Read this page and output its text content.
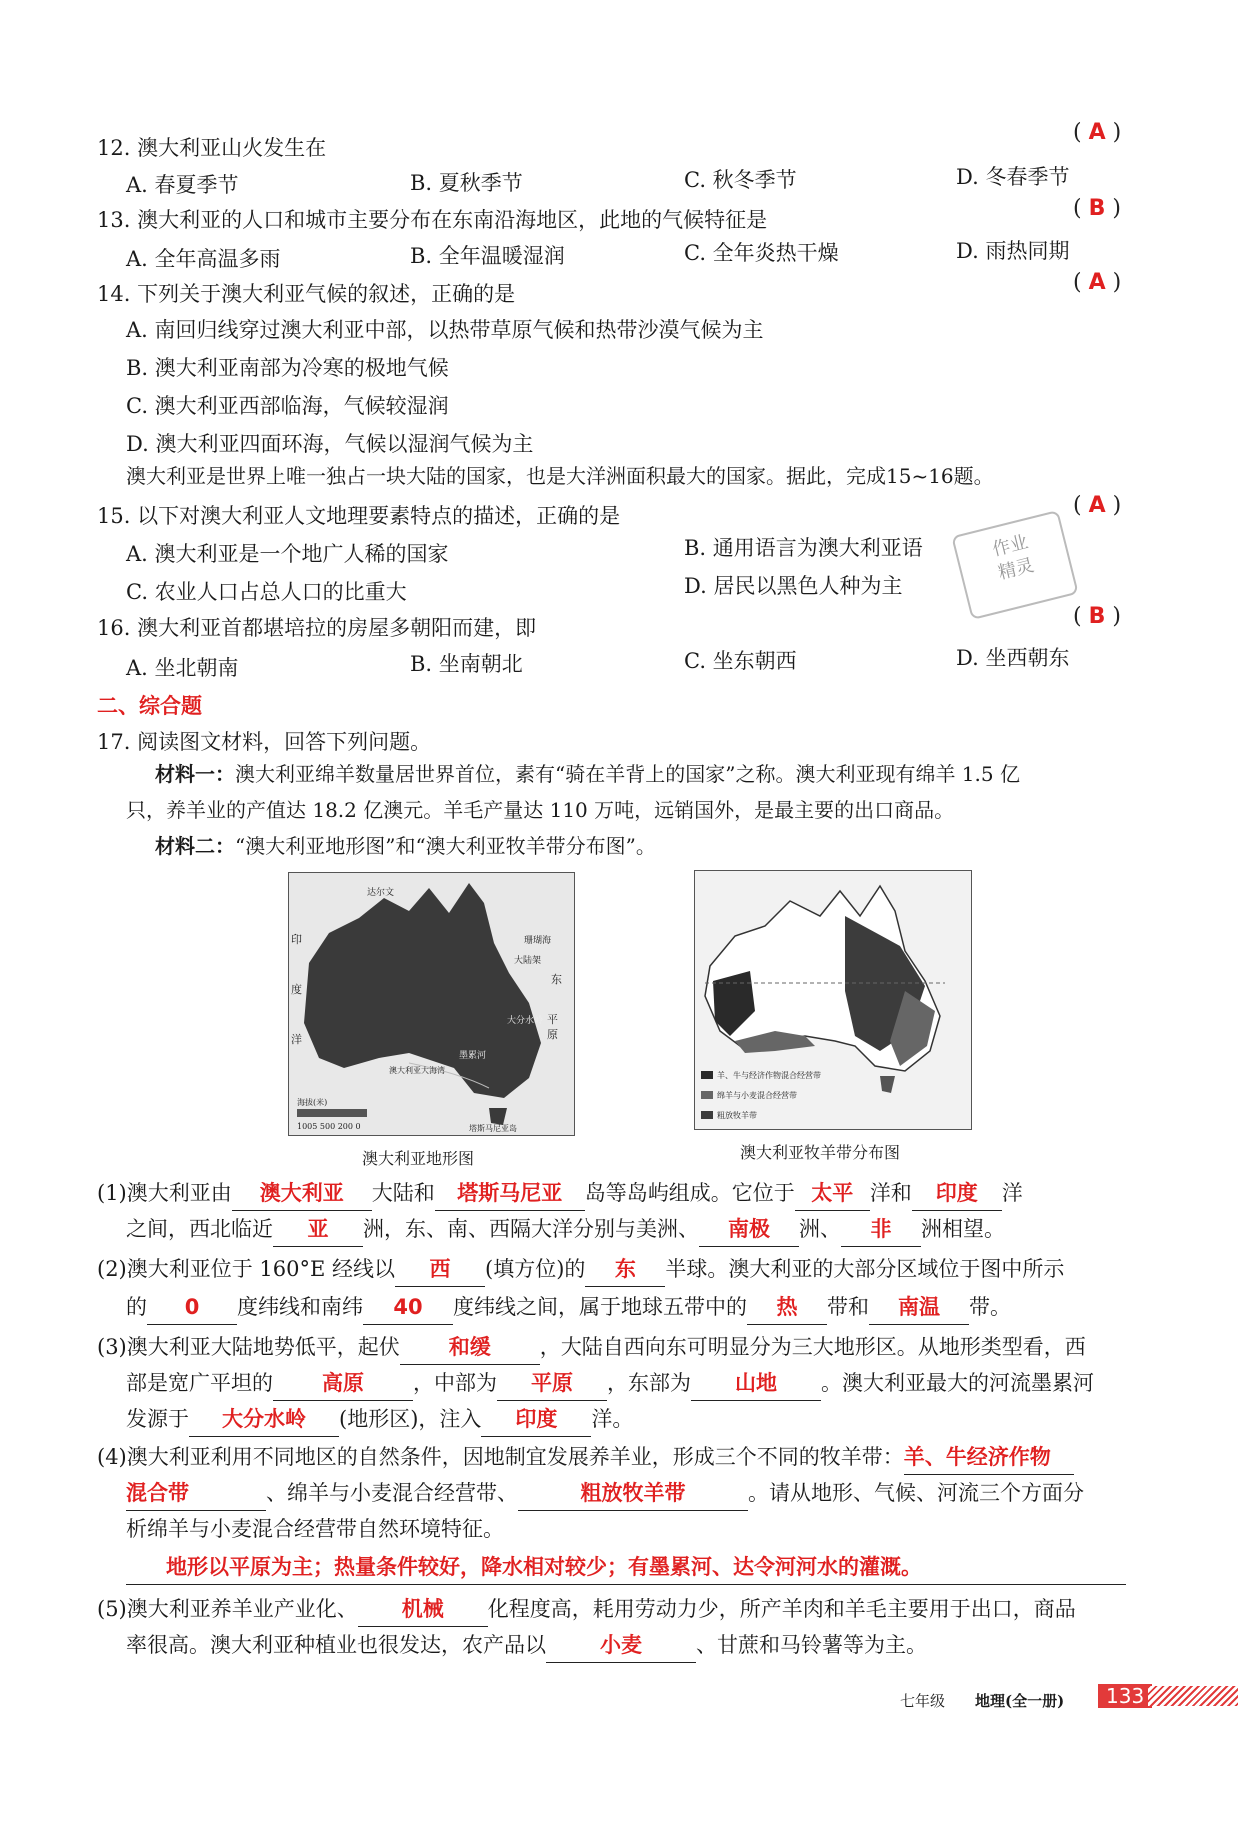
12. 澳大利亚山火发生在
( A )
A. 春夏季节	B. 夏秋季节	C. 秋冬季节	D. 冬春季节
13. 澳大利亚的人口和城市主要分布在东南沿海地区，此地的气候特征是	( B )
A. 全年高温多雨	B. 全年温暖湿润	C. 全年炎热干燥	D. 雨热同期
14. 下列关于澳大利亚气候的叙述，正确的是	( A )
A. 南回归线穿过澳大利亚中部，以热带草原气候和热带沙漠气候为主
B. 澳大利亚南部为冷寒的极地气候
C. 澳大利亚西部临海，气候较湿润
D. 澳大利亚四面环海，气候以湿润气候为主
澳大利亚是世界上唯一独占一块大陆的国家，也是大洋洲面积最大的国家。据此，完成15~16题。
15. 以下对澳大利亚人文地理要素特点的描述，正确的是	( A )
A. 澳大利亚是一个地广人稀的国家	B. 通用语言为澳大利亚语
C. 农业人口占总人口的比重大	D. 居民以黑色人种为主
作业
精灵
16. 澳大利亚首都堪培拉的房屋多朝阳而建，即	( B )
A. 坐北朝南	B. 坐南朝北	C. 坐东朝西	D. 坐西朝东
二、综合题
17. 阅读图文材料，回答下列问题。
材料一：澳大利亚绵羊数量居世界首位，素有“骑在羊背上的国家”之称。澳大利亚现有绵羊 1.5 亿
只，养羊业的产值达 18.2 亿澳元。羊毛产量达 110 万吨，远销国外，是最主要的出口商品。
材料二：“澳大利亚地形图”和“澳大利亚牧羊带分布图”。
印
度
洋
达尔文
大陆架
东
大分水岭
珊瑚海
平
原
墨累河
澳大利亚大海湾
塔斯马尼亚岛
海拔(米)
1005 500 200 0
澳大利亚地形图
羊、牛与经济作物混合经营带
绵羊与小麦混合经营带
粗放牧羊带
澳大利亚牧羊带分布图
(1)澳大利亚由 澳大利亚 大陆和 塔斯马尼亚 岛等岛屿组成。它位于 太平 洋和 印度 洋
之间，西北临近 亚 洲，东、南、西隔大洋分别与美洲、 南极 洲、 非 洲相望。
(2)澳大利亚位于 160°E 经线以 西 (填方位)的 东 半球。澳大利亚的大部分区域位于图中所示
的 0 度纬线和南纬 40 度纬线之间，属于地球五带中的 热 带和 南温 带。
(3)澳大利亚大陆地势低平，起伏 和缓 ，大陆自西向东可明显分为三大地形区。从地形类型看，西
部是宽广平坦的 高原 ，中部为 平原 ，东部为 山地 。澳大利亚最大的河流墨累河
发源于 大分水岭 (地形区)，注入 印度 洋。
(4)澳大利亚利用不同地区的自然条件，因地制宜发展养羊业，形成三个不同的牧羊带：羊、牛经济作物
混合带	、绵羊与小麦混合经营带、	粗放牧羊带	。请从地形、气候、河流三个方面分
析绵羊与小麦混合经营带自然环境特征。
地形以平原为主；热量条件较好，降水相对较少；有墨累河、达令河河水的灌溉。
(5)澳大利亚养羊业产业化、 机械 化程度高，耗用劳动力少，所产羊肉和羊毛主要用于出口，商品
率很高。澳大利亚种植业也很发达，农产品以	小麦	、甘蔗和马铃薯等为主。
七年级 地理(全一册)	133
